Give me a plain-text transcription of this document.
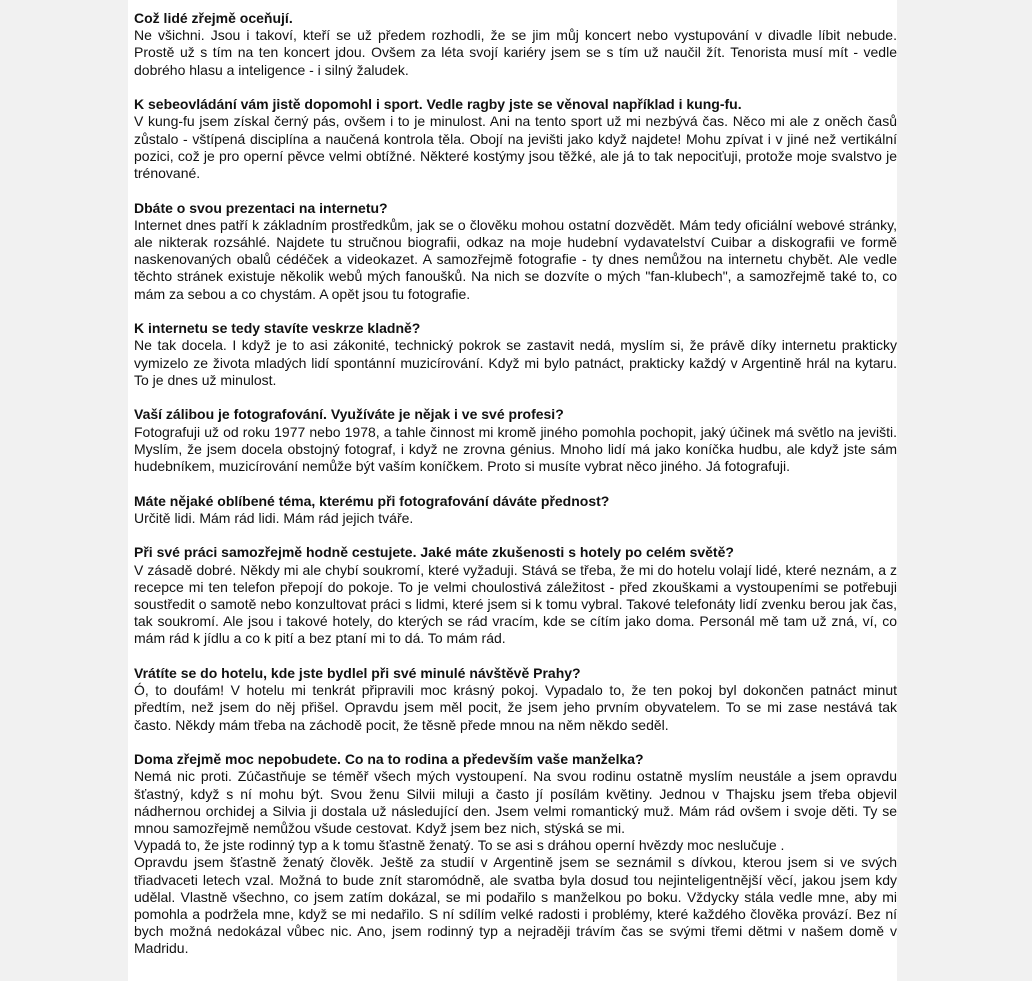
Což lidé zřejmě oceňují.

Ne všichni. Jsou i takoví, kteří se už předem rozhodli, že se jim můj koncert nebo vystupování v divadle líbit nebude. Prostě už s tím na ten koncert jdou. Ovšem za léta svojí kariéry jsem se s tím už naučil žít. Tenorista musí mít - vedle dobrého hlasu a inteligence - i silný žaludek.

K sebeovládání vám jistě dopomohl i sport. Vedle ragby jste se věnoval například i kung-fu.

V kung-fu jsem získal černý pás, ovšem i to je minulost. Ani na tento sport už mi nezbývá čas. Něco mi ale z oněch časů zůstalo - vštípená disciplína a naučená kontrola těla. Obojí na jevišti jako když najdete! Mohu zpívat i v jiné než vertikální pozici, což je pro operní pěvce velmi obtížné. Některé kostýmy jsou těžké, ale já to tak nepociťuji, protože moje svalstvo je trénované.

Dbáte o svou prezentaci na internetu?

Internet dnes patří k základním prostředkům, jak se o člověku mohou ostatní dozvědět. Mám tedy oficiální webové stránky, ale nikterak rozsáhlé. Najdete tu stručnou biografii, odkaz na moje hudební vydavatelství Cuibar a diskografii ve formě naskenovaných obalů cédéček a videokazet. A samozřejmě fotografie - ty dnes nemůžou na internetu chybět. Ale vedle těchto stránek existuje několik webů mých fanoušků. Na nich se dozvíte o mých "fan-klubech", a samozřejmě také to, co mám za sebou a co chystám. A opět jsou tu fotografie.

K internetu se tedy stavíte veskrze kladně?

Ne tak docela. I když je to asi zákonité, technický pokrok se zastavit nedá, myslím si, že právě díky internetu prakticky vymizelo ze života mladých lidí spontánní muzicírování. Když mi bylo patnáct, prakticky každý v Argentině hrál na kytaru. To je dnes už minulost.

Vaší zálibou je fotografování. Využíváte je nějak i ve své profesi?

Fotografuji už od roku 1977 nebo 1978, a tahle činnost mi kromě jiného pomohla pochopit, jaký účinek má světlo na jevišti. Myslím, že jsem docela obstojný fotograf, i když ne zrovna génius. Mnoho lidí má jako koníčka hudbu, ale když jste sám hudebníkem, muzicírování nemůže být vaším koníčkem. Proto si musíte vybrat něco jiného. Já fotografuji.

Máte nějaké oblíbené téma, kterému při fotografování dáváte přednost?

Určitě lidi. Mám rád lidi. Mám rád jejich tváře.

Při své práci samozřejmě hodně cestujete. Jaké máte zkušenosti s hotely po celém světě?

V zásadě dobré. Někdy mi ale chybí soukromí, které vyžaduji. Stává se třeba, že mi do hotelu volají lidé, které neznám, a z recepce mi ten telefon přepojí do pokoje. To je velmi choulostivá záležitost - před zkouškami a vystoupeními se potřebuji soustředit o samotě nebo konzultovat práci s lidmi, které jsem si k tomu vybral. Takové telefonáty lidí zvenku berou jak čas, tak soukromí. Ale jsou i takové hotely, do kterých se rád vracím, kde se cítím jako doma. Personál mě tam už zná, ví, co mám rád k jídlu a co k pití a bez ptaní mi to dá. To mám rád.

Vrátíte se do hotelu, kde jste bydlel při své minulé návštěvě Prahy?

Ó, to doufám! V hotelu mi tenkrát připravili moc krásný pokoj. Vypadalo to, že ten pokoj byl dokončen patnáct minut předtím, než jsem do něj přišel. Opravdu jsem měl pocit, že jsem jeho prvním obyvatelem. To se mi zase nestává tak často. Někdy mám třeba na záchodě pocit, že těsně přede mnou na něm někdo seděl.

Doma zřejmě moc nepobudete. Co na to rodina a především vaše manželka?

Nemá nic proti. Zúčastňuje se téměř všech mých vystoupení. Na svou rodinu ostatně myslím neustále a jsem opravdu šťastný, když s ní mohu být. Svou ženu Silvii miluji a často jí posílám květiny. Jednou v Thajsku jsem třeba objevil nádhernou orchidej a Silvia ji dostala už následující den. Jsem velmi romantický muž. Mám rád ovšem i svoje děti. Ty se mnou samozřejmě nemůžou všude cestovat. Když jsem bez nich, stýská se mi.

Vypadá to, že jste rodinný typ a k tomu šťastně ženatý. To se asi s dráhou operní hvězdy moc neslučuje .

Opravdu jsem šťastně ženatý člověk. Ještě za studií v Argentině jsem se seznámil s dívkou, kterou jsem si ve svých třiadvaceti letech vzal. Možná to bude znít staromódně, ale svatba byla dosud tou nejinteligentnější věcí, jakou jsem kdy udělal. Vlastně všechno, co jsem zatím dokázal, se mi podařilo s manželkou po boku. Vždycky stála vedle mne, aby mi pomohla a podržela mne, když se mi nedařilo. S ní sdílím velké radosti i problémy, které každého člověka provází. Bez ní bych možná nedokázal vůbec nic. Ano, jsem rodinný typ a nejraději trávím čas se svými třemi dětmi v našem domě v Madridu.
